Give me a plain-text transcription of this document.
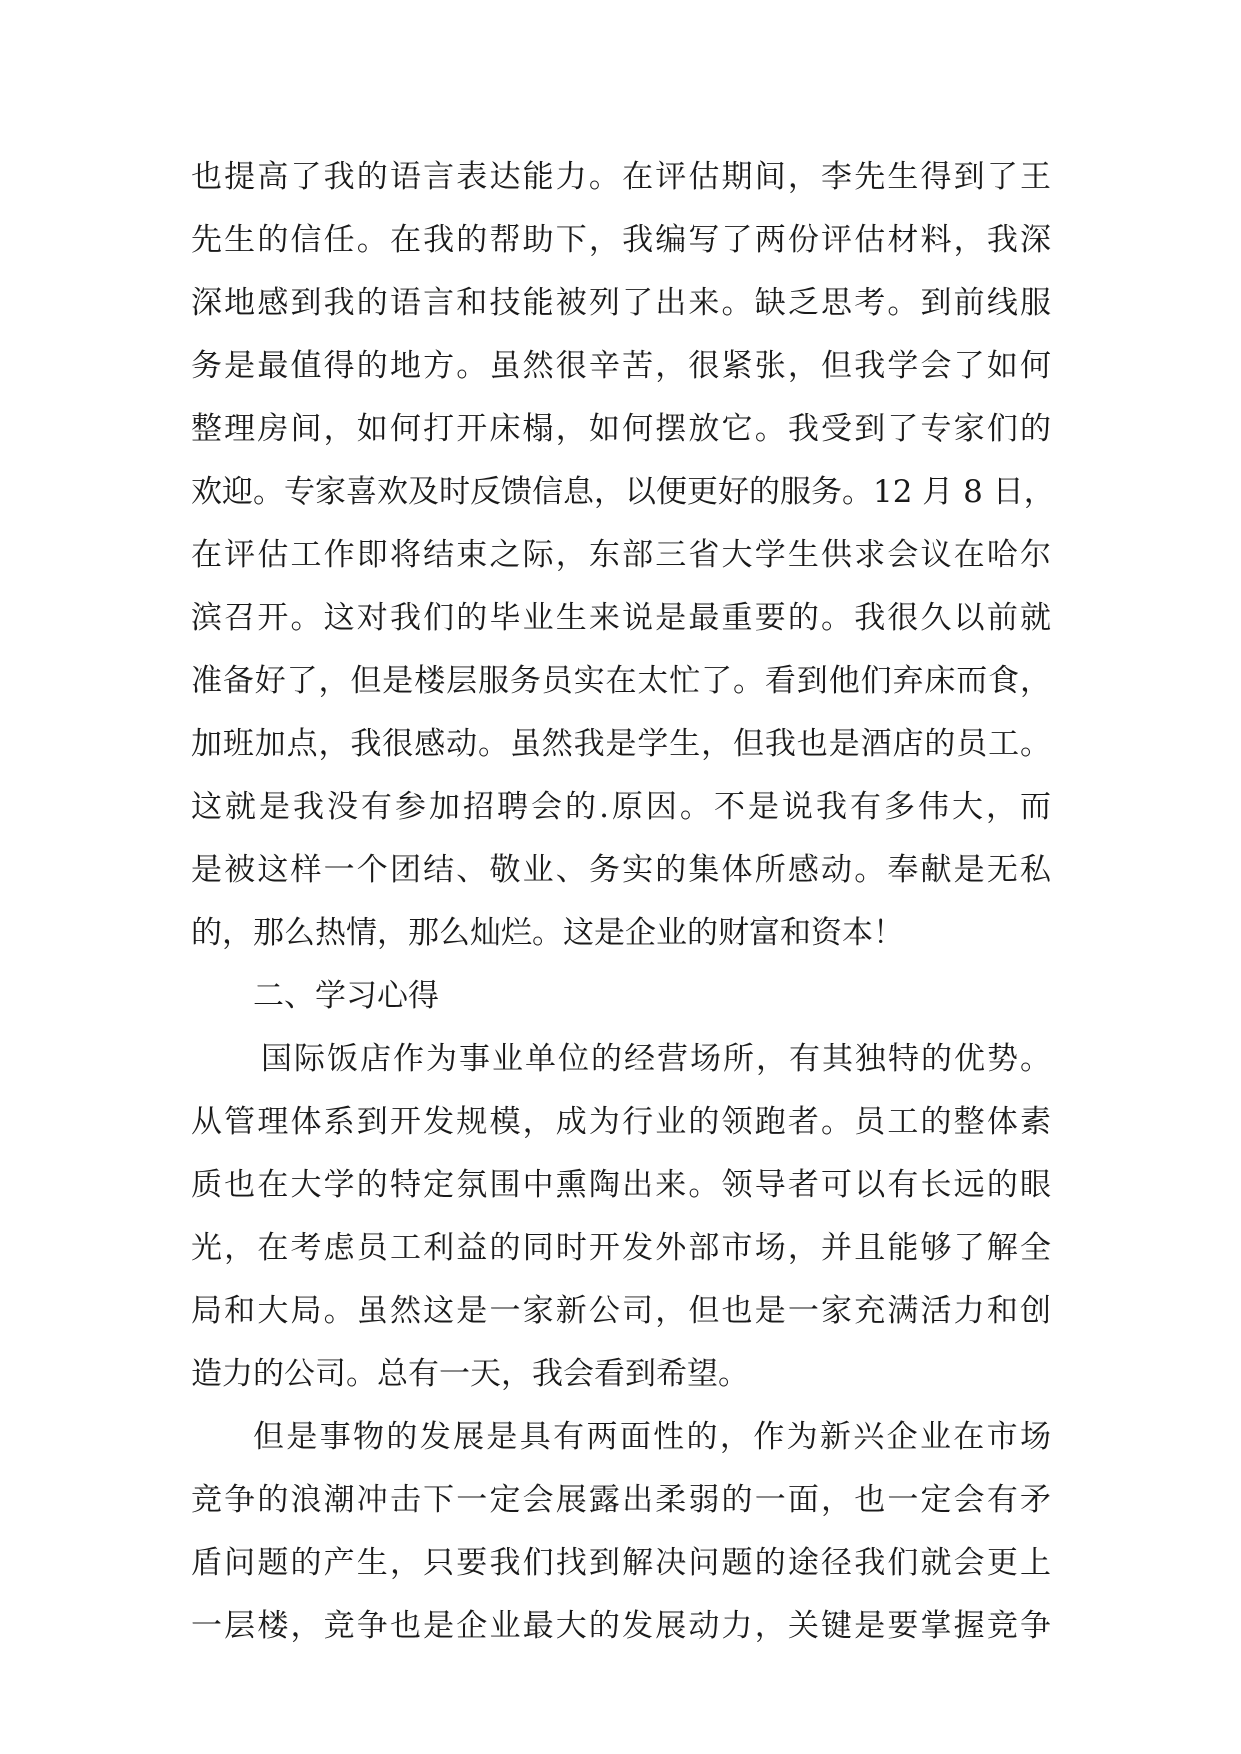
也提高了我的语言表达能力。在评估期间，李先生得到了王
先生的信任。在我的帮助下，我编写了两份评估材料，我深
深地感到我的语言和技能被列了出来。缺乏思考。到前线服
务是最值得的地方。虽然很辛苦，很紧张，但我学会了如何
整理房间，如何打开床榻，如何摆放它。我受到了专家们的
欢迎。专家喜欢及时反馈信息，以便更好的服务。12 月 8 日，
在评估工作即将结束之际，东部三省大学生供求会议在哈尔
滨召开。这对我们的毕业生来说是最重要的。我很久以前就
准备好了，但是楼层服务员实在太忙了。看到他们弃床而食，
加班加点，我很感动。虽然我是学生，但我也是酒店的员工。
这就是我没有参加招聘会的.原因。不是说我有多伟大，而
是被这样一个团结、敬业、务实的集体所感动。奉献是无私
的，那么热情，那么灿烂。这是企业的财富和资本！
二、学习心得
国际饭店作为事业单位的经营场所，有其独特的优势。
从管理体系到开发规模，成为行业的领跑者。员工的整体素
质也在大学的特定氛围中熏陶出来。领导者可以有长远的眼
光，在考虑员工利益的同时开发外部市场，并且能够了解全
局和大局。虽然这是一家新公司，但也是一家充满活力和创
造力的公司。总有一天，我会看到希望。
但是事物的发展是具有两面性的，作为新兴企业在市场
竞争的浪潮冲击下一定会展露出柔弱的一面，也一定会有矛
盾问题的产生，只要我们找到解决问题的途径我们就会更上
一层楼，竞争也是企业最大的发展动力，关键是要掌握竞争
